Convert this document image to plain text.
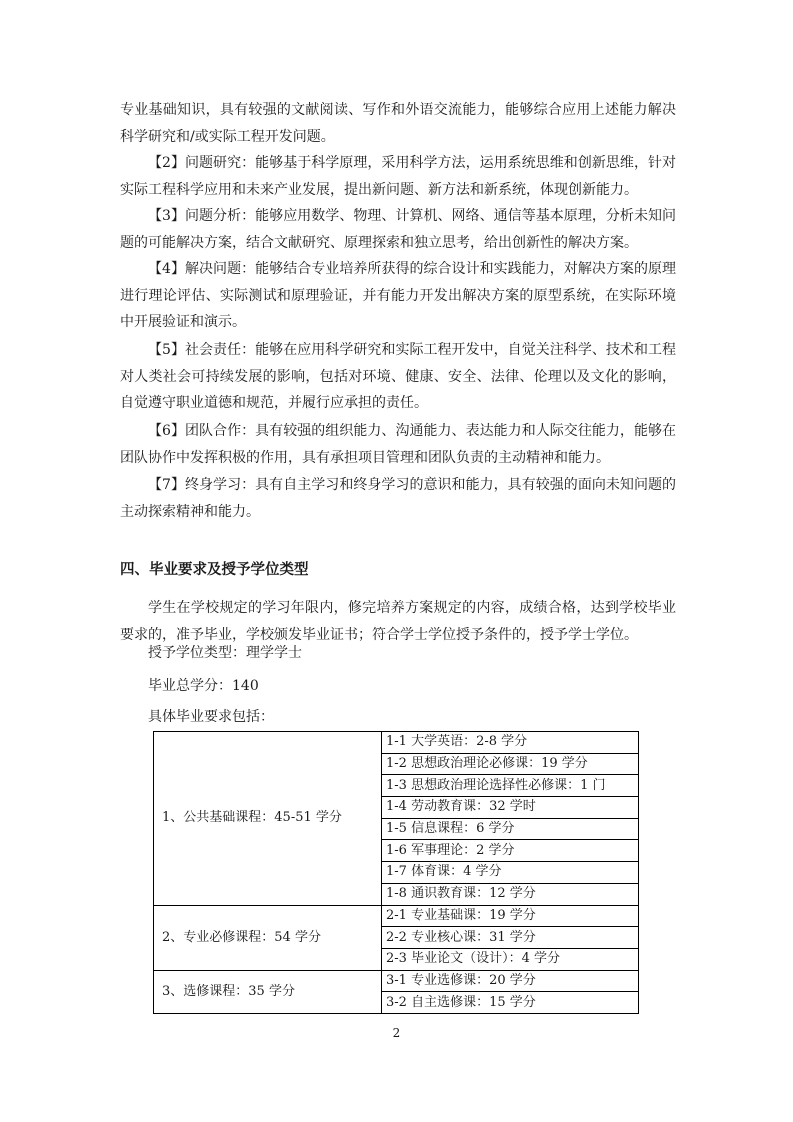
专业基础知识，具有较强的文献阅读、写作和外语交流能力，能够综合应用上述能力解决科学研究和/或实际工程开发问题。

【2】问题研究：能够基于科学原理，采用科学方法，运用系统思维和创新思维，针对实际工程科学应用和未来产业发展，提出新问题、新方法和新系统，体现创新能力。

【3】问题分析：能够应用数学、物理、计算机、网络、通信等基本原理，分析未知问题的可能解决方案，结合文献研究、原理探索和独立思考，给出创新性的解决方案。

【4】解决问题：能够结合专业培养所获得的综合设计和实践能力，对解决方案的原理进行理论评估、实际测试和原理验证，并有能力开发出解决方案的原型系统，在实际环境中开展验证和演示。

【5】社会责任：能够在应用科学研究和实际工程开发中，自觉关注科学、技术和工程对人类社会可持续发展的影响，包括对环境、健康、安全、法律、伦理以及文化的影响，自觉遵守职业道德和规范，并履行应承担的责任。

【6】团队合作：具有较强的组织能力、沟通能力、表达能力和人际交往能力，能够在团队协作中发挥积极的作用，具有承担项目管理和团队负责的主动精神和能力。

【7】终身学习：具有自主学习和终身学习的意识和能力，具有较强的面向未知问题的主动探索精神和能力。

四、毕业要求及授予学位类型

学生在学校规定的学习年限内，修完培养方案规定的内容，成绩合格，达到学校毕业要求的，准予毕业，学校颁发毕业证书；符合学士学位授予条件的，授予学士学位。

授予学位类型：理学学士

毕业总学分：140

具体毕业要求包括：

1、公共基础课程：45-51 学分	1-1 大学英语：2-8 学分
	1-2 思想政治理论必修课：19 学分
	1-3 思想政治理论选择性必修课：1 门
	1-4 劳动教育课：32 学时
	1-5 信息课程：6 学分
	1-6 军事理论：2 学分
	1-7 体育课：4 学分
	1-8 通识教育课：12 学分
2、专业必修课程：54 学分	2-1 专业基础课：19 学分
	2-2 专业核心课：31 学分
	2-3 毕业论文（设计）：4 学分
3、选修课程：35 学分	3-1 专业选修课：20 学分
	3-2 自主选修课：15 学分

2
